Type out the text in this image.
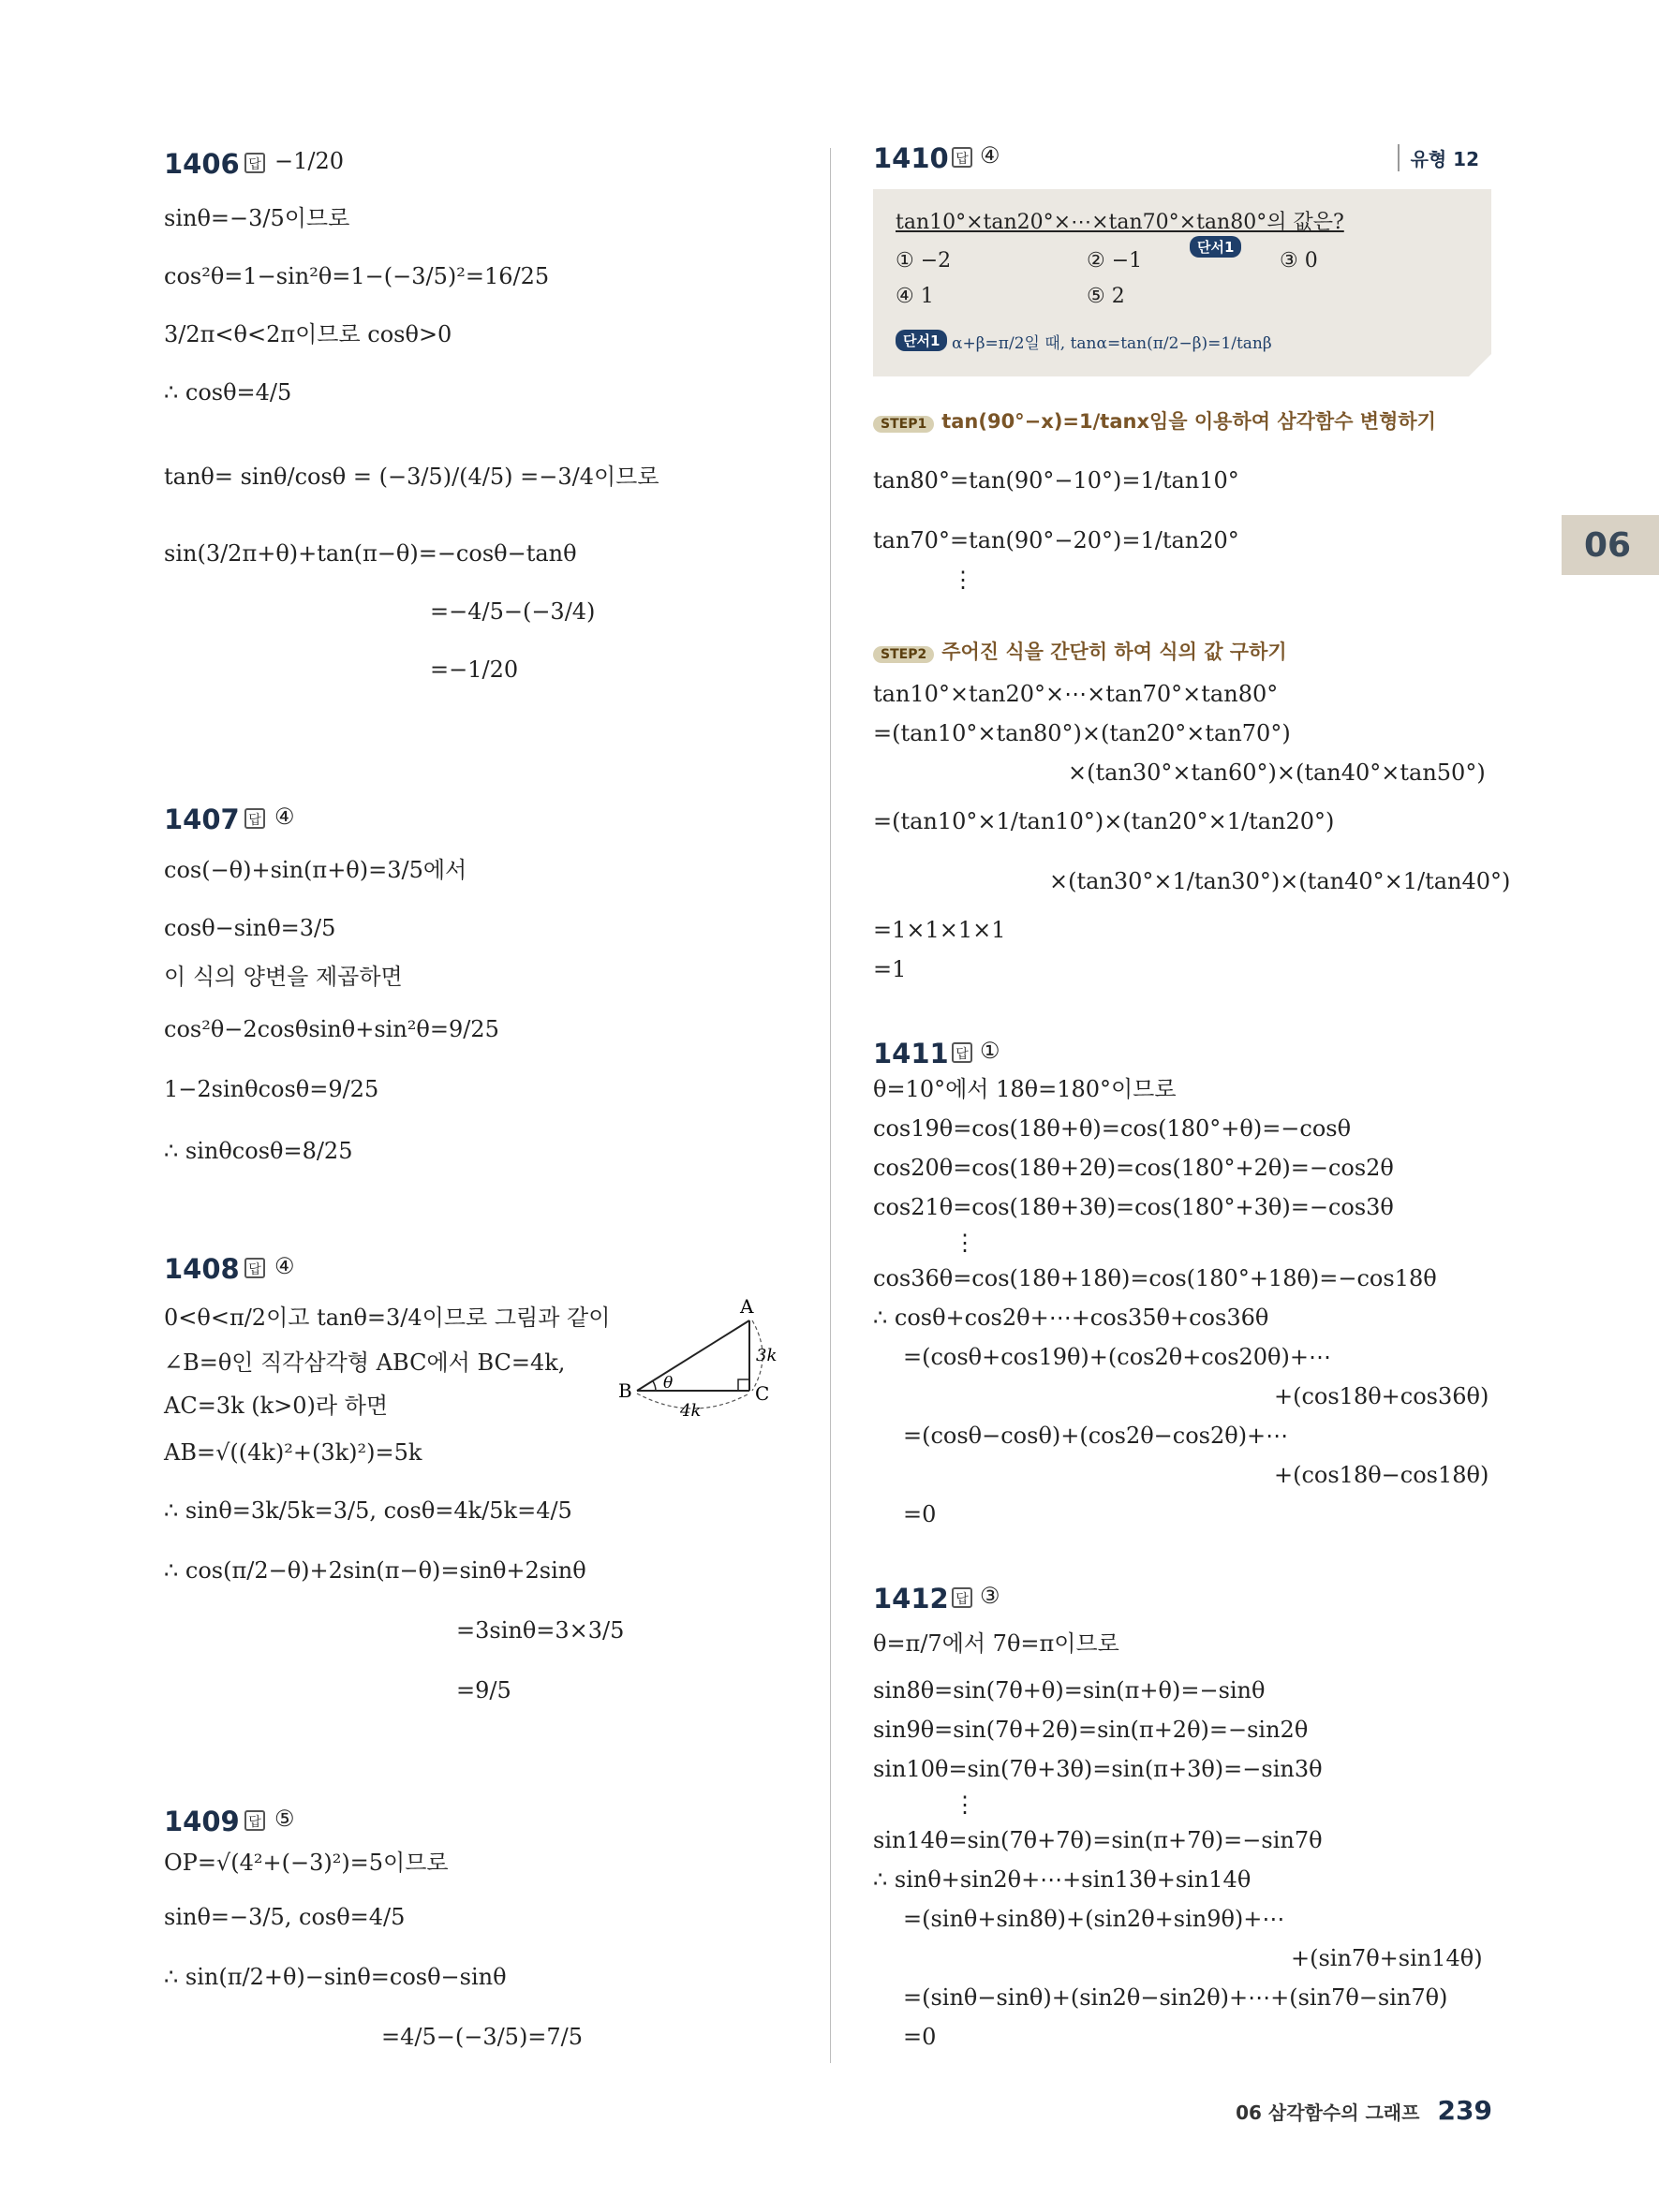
06
1406 답 −1/20
sinθ=−3/5이므로
cos²θ=1−sin²θ=1−(−3/5)²=16/25
3/2π<θ<2π이므로 cosθ>0
∴ cosθ=4/5
tanθ= sinθ/cosθ = (−3/5)/(4/5) =−3/4이므로
sin(3/2π+θ)+tan(π−θ)=−cosθ−tanθ
=−4/5−(−3/4)
=−1/20
1407 답 ④
cos(−θ)+sin(π+θ)=3/5에서
cosθ−sinθ=3/5
이 식의 양변을 제곱하면
cos²θ−2cosθsinθ+sin²θ=9/25
1−2sinθcosθ=9/25
∴ sinθcosθ=8/25
1408 답 ④
0<θ<π/2이고 tanθ=3/4이므로 그림과 같이
∠B=θ인 직각삼각형 ABC에서 BC=4k,
AC=3k (k>0)라 하면
AB=√((4k)²+(3k)²)=5k
∴ sinθ=3k/5k=3/5, cosθ=4k/5k=4/5
∴ cos(π/2−θ)+2sin(π−θ)=sinθ+2sinθ
=3sinθ=3×3/5
=9/5
A
B	C
θ
3k
4k
1409 답 ⑤
OP=√(4²+(−3)²)=5이므로
sinθ=−3/5, cosθ=4/5
∴ sin(π/2+θ)−sinθ=cosθ−sinθ
=4/5−(−3/5)=7/5
1410 답 ④	유형 12
tan10°×tan20°×⋯×tan70°×tan80°의 값은?
단서1
① −2	② −1	③ 0
④ 1	⑤ 2
단서1 α+β=π/2일 때, tanα=tan(π/2−β)=1/tanβ
STEP1 tan(90°−x)=1/tanx임을 이용하여 삼각함수 변형하기
tan80°=tan(90°−10°)=1/tan10°
tan70°=tan(90°−20°)=1/tan20°
⋮
STEP2 주어진 식을 간단히 하여 식의 값 구하기
tan10°×tan20°×⋯×tan70°×tan80°
=(tan10°×tan80°)×(tan20°×tan70°)
×(tan30°×tan60°)×(tan40°×tan50°)
=(tan10°×1/tan10°)×(tan20°×1/tan20°)
×(tan30°×1/tan30°)×(tan40°×1/tan40°)
=1×1×1×1
=1
1411 답 ①
θ=10°에서 18θ=180°이므로
cos19θ=cos(18θ+θ)=cos(180°+θ)=−cosθ
cos20θ=cos(18θ+2θ)=cos(180°+2θ)=−cos2θ
cos21θ=cos(18θ+3θ)=cos(180°+3θ)=−cos3θ
⋮
cos36θ=cos(18θ+18θ)=cos(180°+18θ)=−cos18θ
∴ cosθ+cos2θ+⋯+cos35θ+cos36θ
=(cosθ+cos19θ)+(cos2θ+cos20θ)+⋯
+(cos18θ+cos36θ)
=(cosθ−cosθ)+(cos2θ−cos2θ)+⋯
+(cos18θ−cos18θ)
=0
1412 답 ③
θ=π/7에서 7θ=π이므로
sin8θ=sin(7θ+θ)=sin(π+θ)=−sinθ
sin9θ=sin(7θ+2θ)=sin(π+2θ)=−sin2θ
sin10θ=sin(7θ+3θ)=sin(π+3θ)=−sin3θ
⋮
sin14θ=sin(7θ+7θ)=sin(π+7θ)=−sin7θ
∴ sinθ+sin2θ+⋯+sin13θ+sin14θ
=(sinθ+sin8θ)+(sin2θ+sin9θ)+⋯
+(sin7θ+sin14θ)
=(sinθ−sinθ)+(sin2θ−sin2θ)+⋯+(sin7θ−sin7θ)
=0
06 삼각함수의 그래프 239
